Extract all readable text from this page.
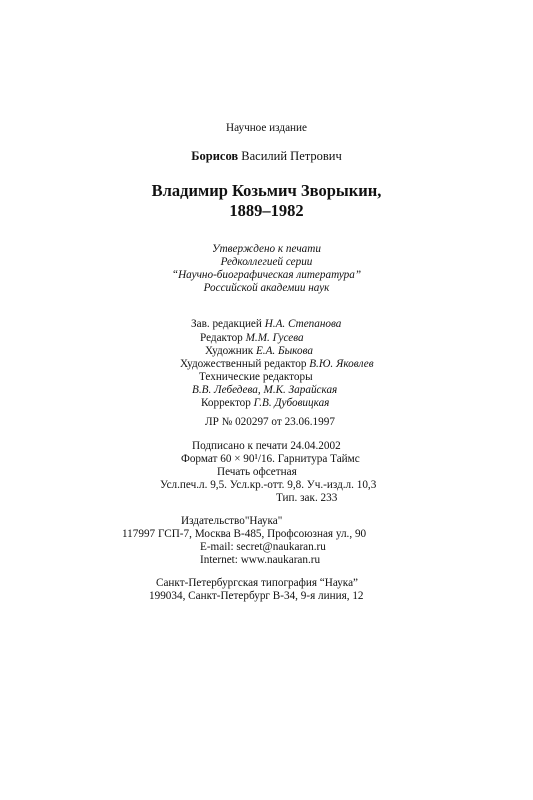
Научное издание
Борисов Василий Петрович
Владимир Козьмич Зворыкин,
1889–1982
Утверждено к печати
Редколлегией серии
“Научно-биографическая литература”
Российской академии наук
Зав. редакцией Н.А. Степанова
Редактор М.М. Гусева
Художник Е.А. Быкова
Художественный редактор В.Ю. Яковлев
Технические редакторы
В.В. Лебедева, М.К. Зарайская
Корректор Г.В. Дубовицкая
ЛР № 020297 от 23.06.1997
Подписано к печати 24.04.2002
Формат 60 × 90¹/16. Гарнитура Таймс
Печать офсетная
Усл.печ.л. 9,5. Усл.кр.-отт. 9,8. Уч.-изд.л. 10,3
Тип. зак. 233
Издательство"Наука"
117997 ГСП-7, Москва В-485, Профсоюзная ул., 90
E-mail: secret@naukaran.ru
Internet: www.naukaran.ru
Санкт-Петербургская типография “Наука”
199034, Санкт-Петербург В-34, 9-я линия, 12
